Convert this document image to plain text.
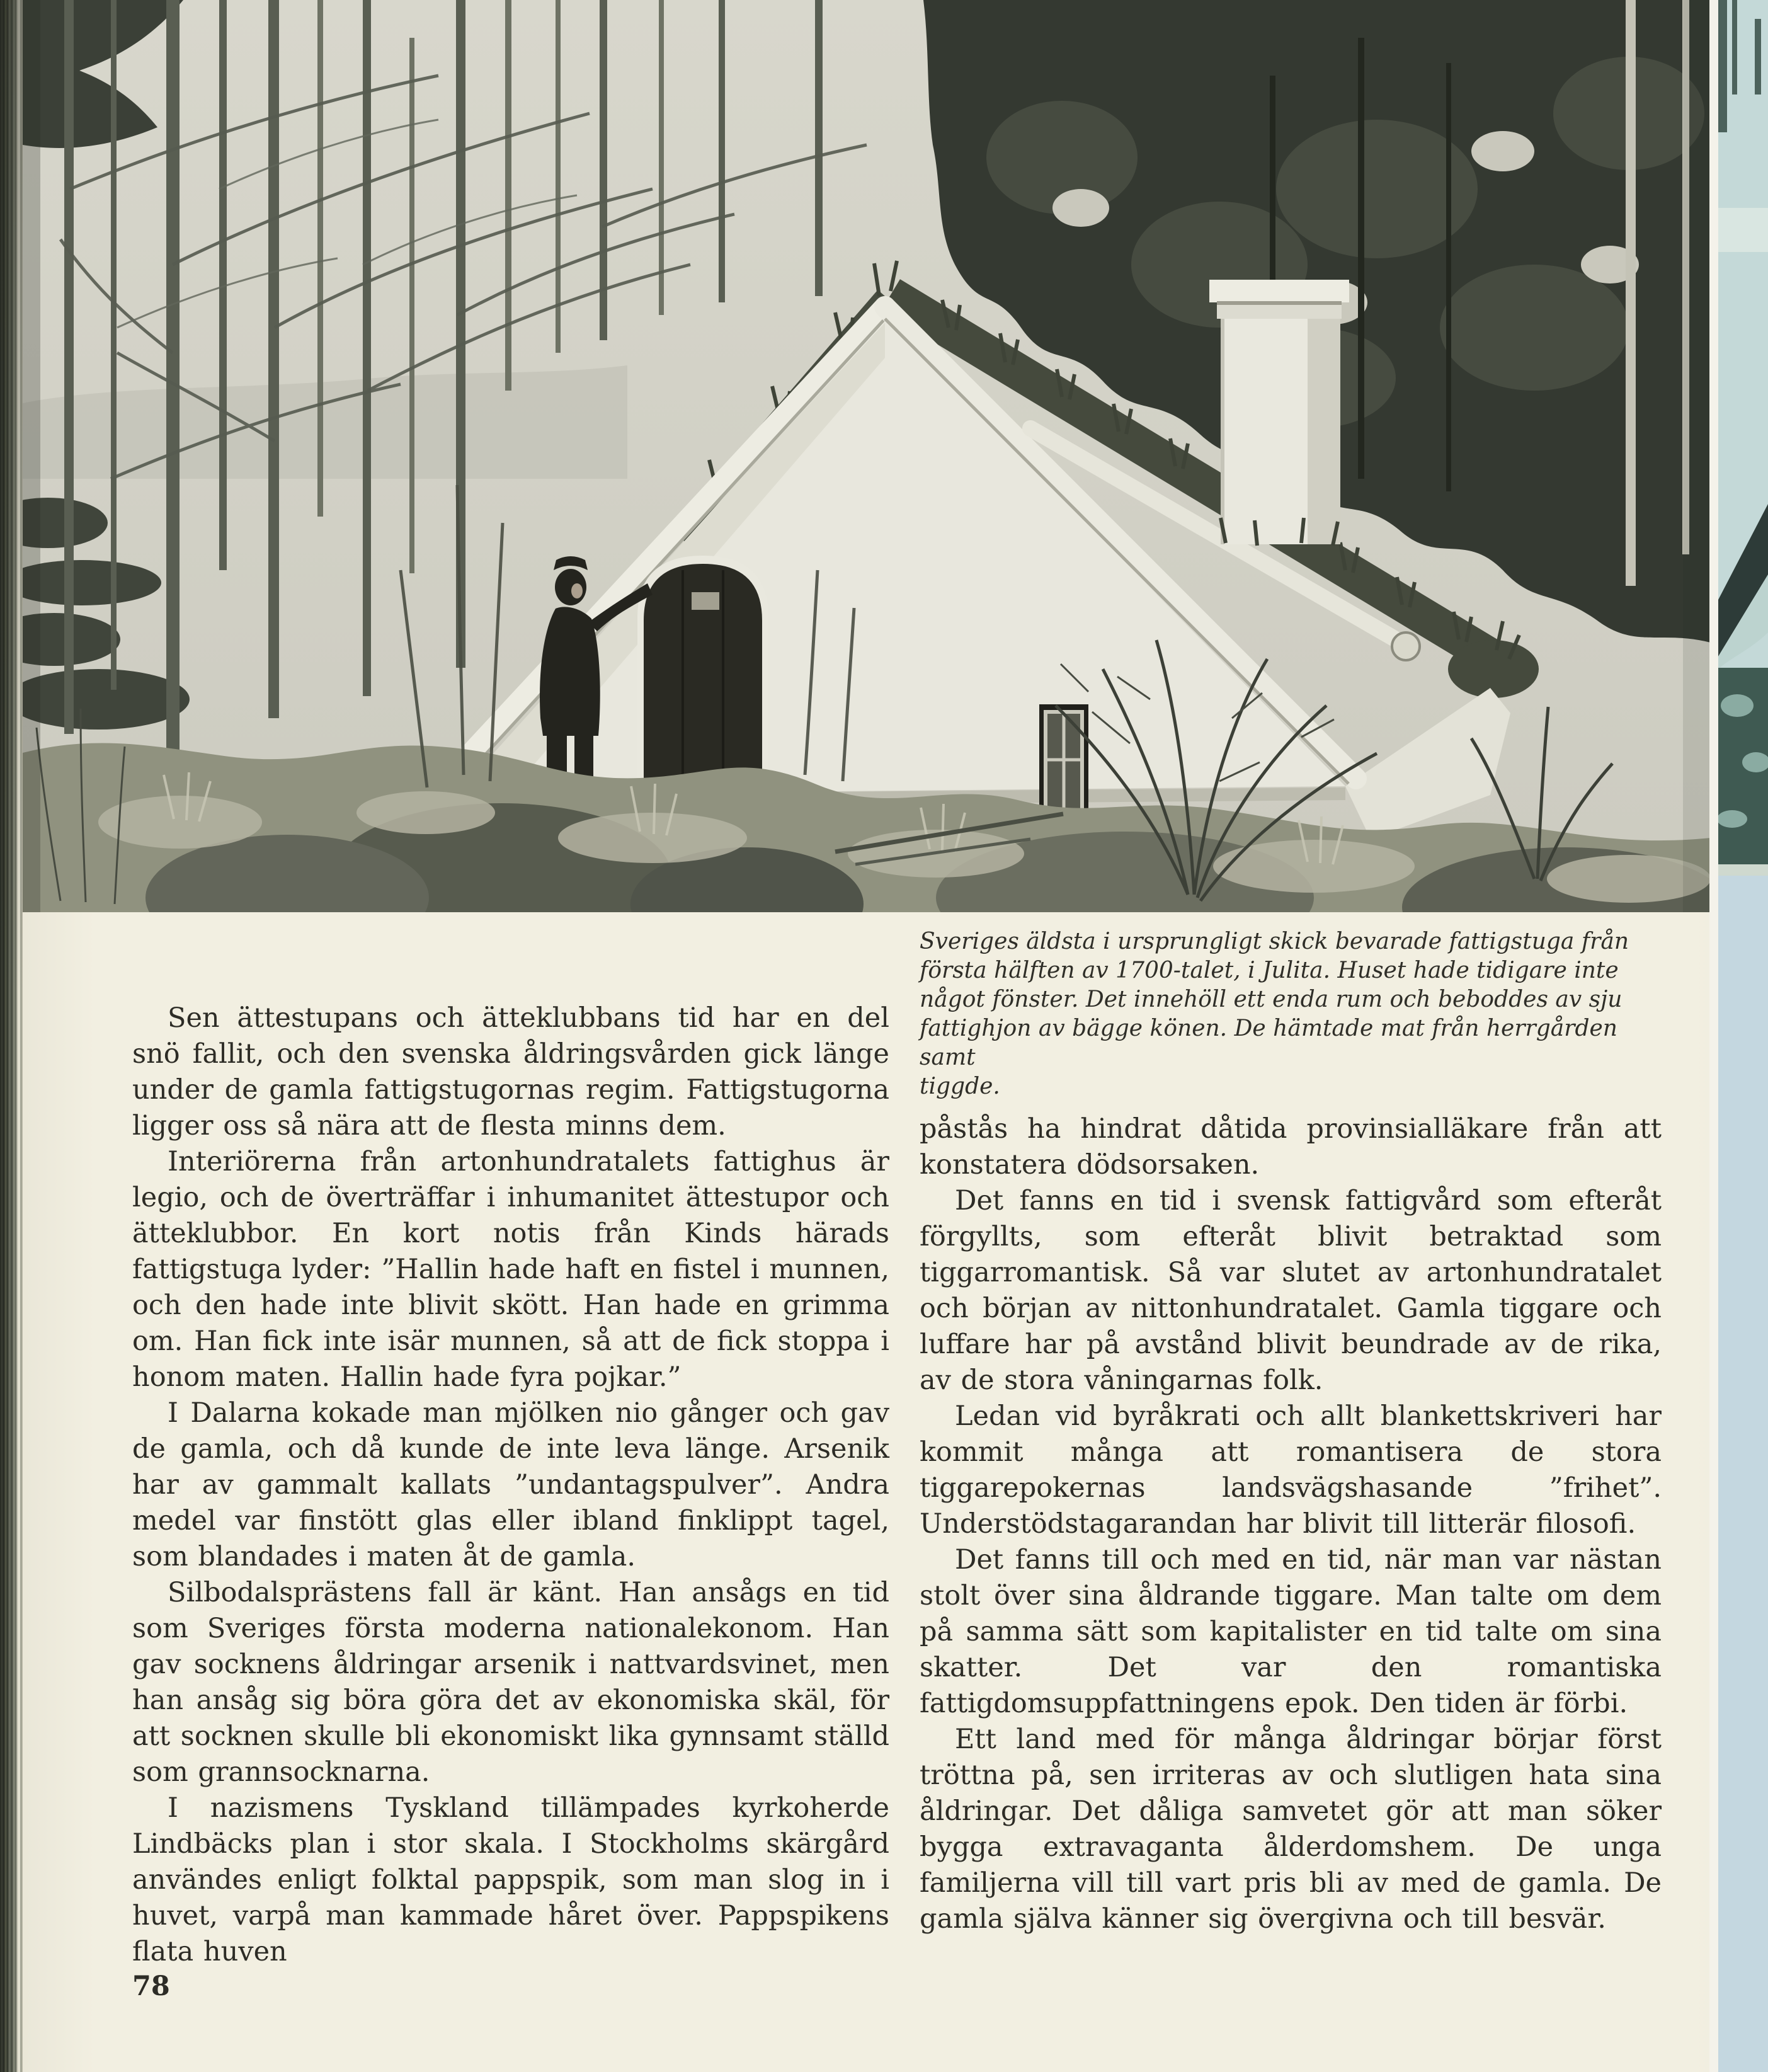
Sveriges äldsta i ursprungligt skick bevarade fattigstuga från
första hälften av 1700-talet, i Julita. Huset hade tidigare inte
något fönster. Det innehöll ett enda rum och beboddes av sju
fattighjon av bägge könen. De hämtade mat från herrgården samt
tiggde.

Sen ättestupans och ätteklubbans tid har en del snö fallit, och den svenska åldringsvården gick länge under de gamla fattigstugornas regim. Fattigstugorna ligger oss så nära att de flesta minns dem.

Interiörerna från artonhundratalets fattighus är legio, och de överträffar i inhumanitet ättestupor och ätteklubbor. En kort notis från Kinds härads fattigstuga lyder: ”Hallin hade haft en fistel i munnen, och den hade inte blivit skött. Han hade en grimma om. Han fick inte isär munnen, så att de fick stoppa i honom maten. Hallin hade fyra pojkar.”

I Dalarna kokade man mjölken nio gånger och gav de gamla, och då kunde de inte leva länge. Arsenik har av gammalt kallats ”undantagspulver”. Andra medel var finstött glas eller ibland finklippt tagel, som blandades i maten åt de gamla.

Silbodalsprästens fall är känt. Han ansågs en tid som Sveriges första moderna nationalekonom. Han gav socknens åldringar arsenik i nattvardsvinet, men han ansåg sig böra göra det av ekonomiska skäl, för att socknen skulle bli ekonomiskt lika gynnsamt ställd som grannsocknarna.

I nazismens Tyskland tillämpades kyrkoherde Lindbäcks plan i stor skala. I Stockholms skärgård användes enligt folktal pappspik, som man slog in i huvet, varpå man kammade håret över. Pappspikens flata huven

påstås ha hindrat dåtida provinsialläkare från att konstatera dödsorsaken.

Det fanns en tid i svensk fattigvård som efteråt förgyllts, som efteråt blivit betraktad som tiggarromantisk. Så var slutet av artonhundratalet och början av nittonhundratalet. Gamla tiggare och luffare har på avstånd blivit beundrade av de rika, av de stora våningarnas folk.

Ledan vid byråkrati och allt blankettskriveri har kommit många att romantisera de stora tiggarepokernas landsvägshasande ”frihet”. Understödstagarandan har blivit till litterär filosofi.

Det fanns till och med en tid, när man var nästan stolt över sina åldrande tiggare. Man talte om dem på samma sätt som kapitalister en tid talte om sina skatter. Det var den romantiska fattigdomsuppfattningens epok. Den tiden är förbi.

Ett land med för många åldringar börjar först tröttna på, sen irriteras av och slutligen hata sina åldringar. Det dåliga samvetet gör att man söker bygga extravaganta ålderdomshem. De unga familjerna vill till vart pris bli av med de gamla. De gamla själva känner sig övergivna och till besvär.

78
